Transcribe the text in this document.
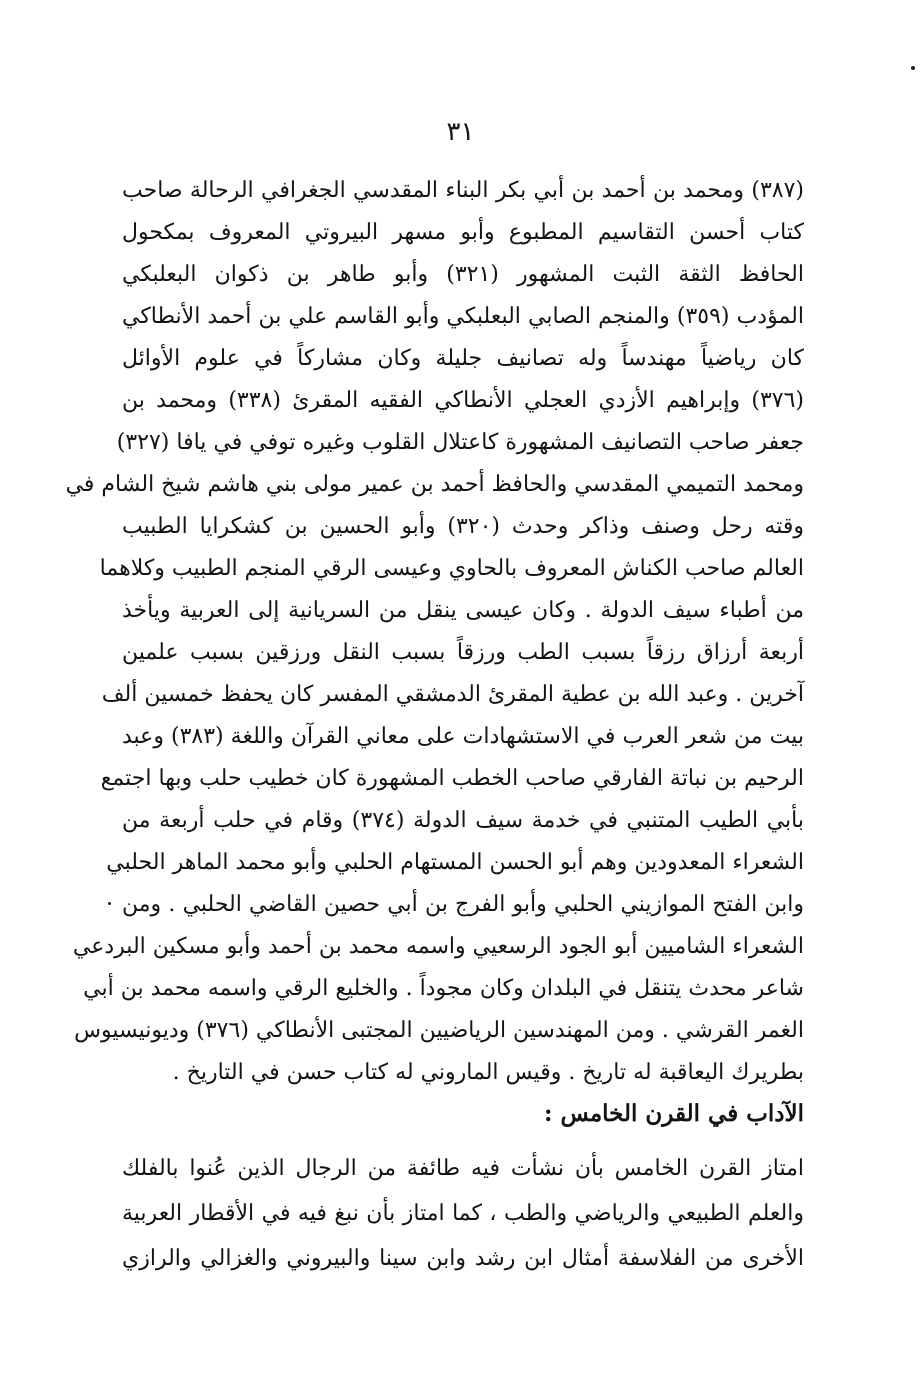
٣١
(٣٨٧) ومحمد بن أحمد بن أبي بكر البناء المقدسي الجغرافي الرحالة صاحب
كتاب أحسن التقاسيم المطبوع وأبو مسهر البيروتي المعروف بمكحول
الحافظ الثقة الثبت المشهور (٣٢١) وأبو طاهر بن ذكوان البعلبكي
المؤدب (٣٥٩) والمنجم الصابي البعلبكي وأبو القاسم علي بن أحمد الأنطاكي
كان رياضياً مهندساً وله تصانيف جليلة وكان مشاركاً في علوم الأوائل
(٣٧٦) وإبراهيم الأزدي العجلي الأنطاكي الفقيه المقرئ (٣٣٨) ومحمد بن
جعفر صاحب التصانيف المشهورة كاعتلال القلوب وغيره توفي في يافا (٣٢٧)
ومحمد التميمي المقدسي والحافظ أحمد بن عمير مولى بني هاشم شيخ الشام في
وقته رحل وصنف وذاكر وحدث (٣٢٠) وأبو الحسين بن كشكرايا الطبيب
العالم صاحب الكناش المعروف بالحاوي وعيسى الرقي المنجم الطبيب وكلاهما
من أطباء سيف الدولة . وكان عيسى ينقل من السريانية إلى العربية ويأخذ
أربعة أرزاق رزقاً بسبب الطب ورزقاً بسبب النقل ورزقين بسبب علمين
آخرين . وعبد الله بن عطية المقرئ الدمشقي المفسر كان يحفظ خمسين ألف
بيت من شعر العرب في الاستشهادات على معاني القرآن واللغة (٣٨٣) وعبد
الرحيم بن نباتة الفارقي صاحب الخطب المشهورة كان خطيب حلب وبها اجتمع
بأبي الطيب المتنبي في خدمة سيف الدولة (٣٧٤) وقام في حلب أربعة من
الشعراء المعدودين وهم أبو الحسن المستهام الحلبي وأبو محمد الماهر الحلبي
وابن الفتح الموازيني الحلبي وأبو الفرج بن أبي حصين القاضي الحلبي . ومن
الشعراء الشاميين أبو الجود الرسعيي واسمه محمد بن أحمد وأبو مسكين البردعي
شاعر محدث يتنقل في البلدان وكان مجوداً . والخليع الرقي واسمه محمد بن أبي
الغمر القرشي . ومن المهندسين الرياضيين المجتبى الأنطاكي (٣٧٦) وديونيسيوس
بطريرك اليعاقبة له تاريخ . وقيس الماروني له كتاب حسن في التاريخ .
الآداب في القرن الخامس :
امتاز القرن الخامس بأن نشأت فيه طائفة من الرجال الذين عُنوا بالفلك
والعلم الطبيعي والرياضي والطب ، كما امتاز بأن نبغ فيه في الأقطار العربية
الأخرى من الفلاسفة أمثال ابن رشد وابن سينا والبيروني والغزالي والرازي
